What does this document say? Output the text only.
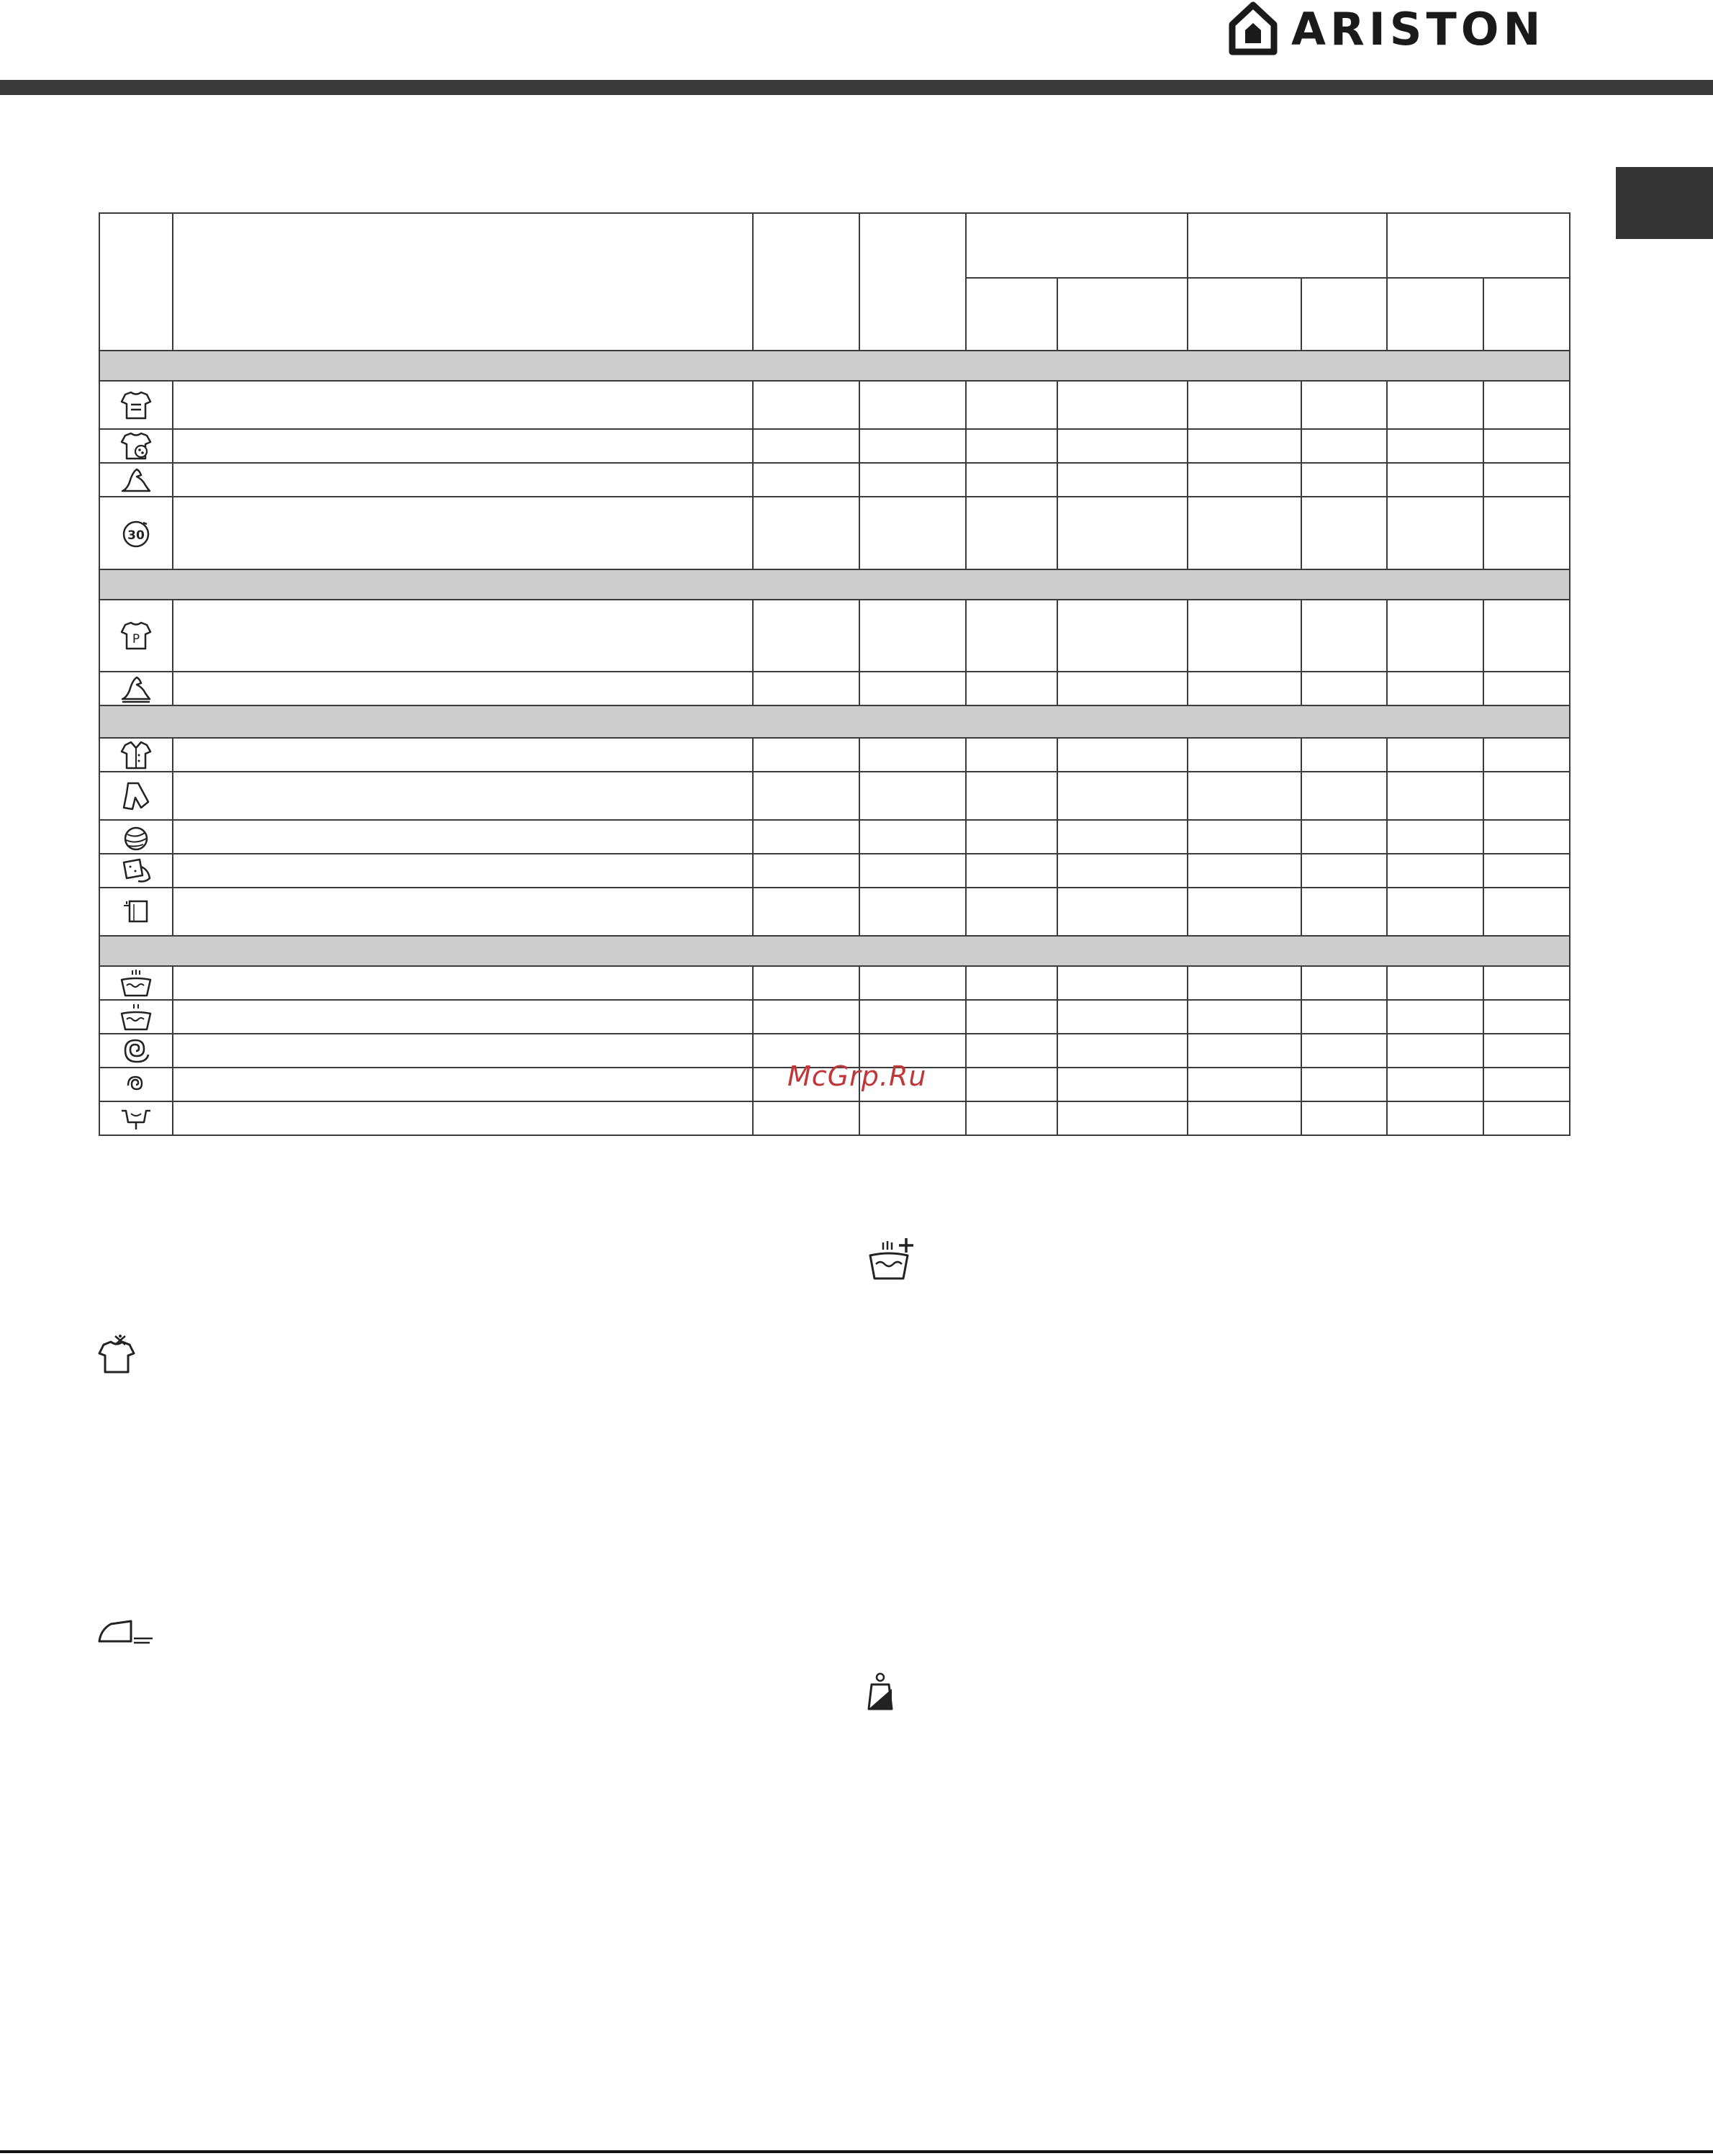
ARISTON

30									

P									

McGrp.Ru
